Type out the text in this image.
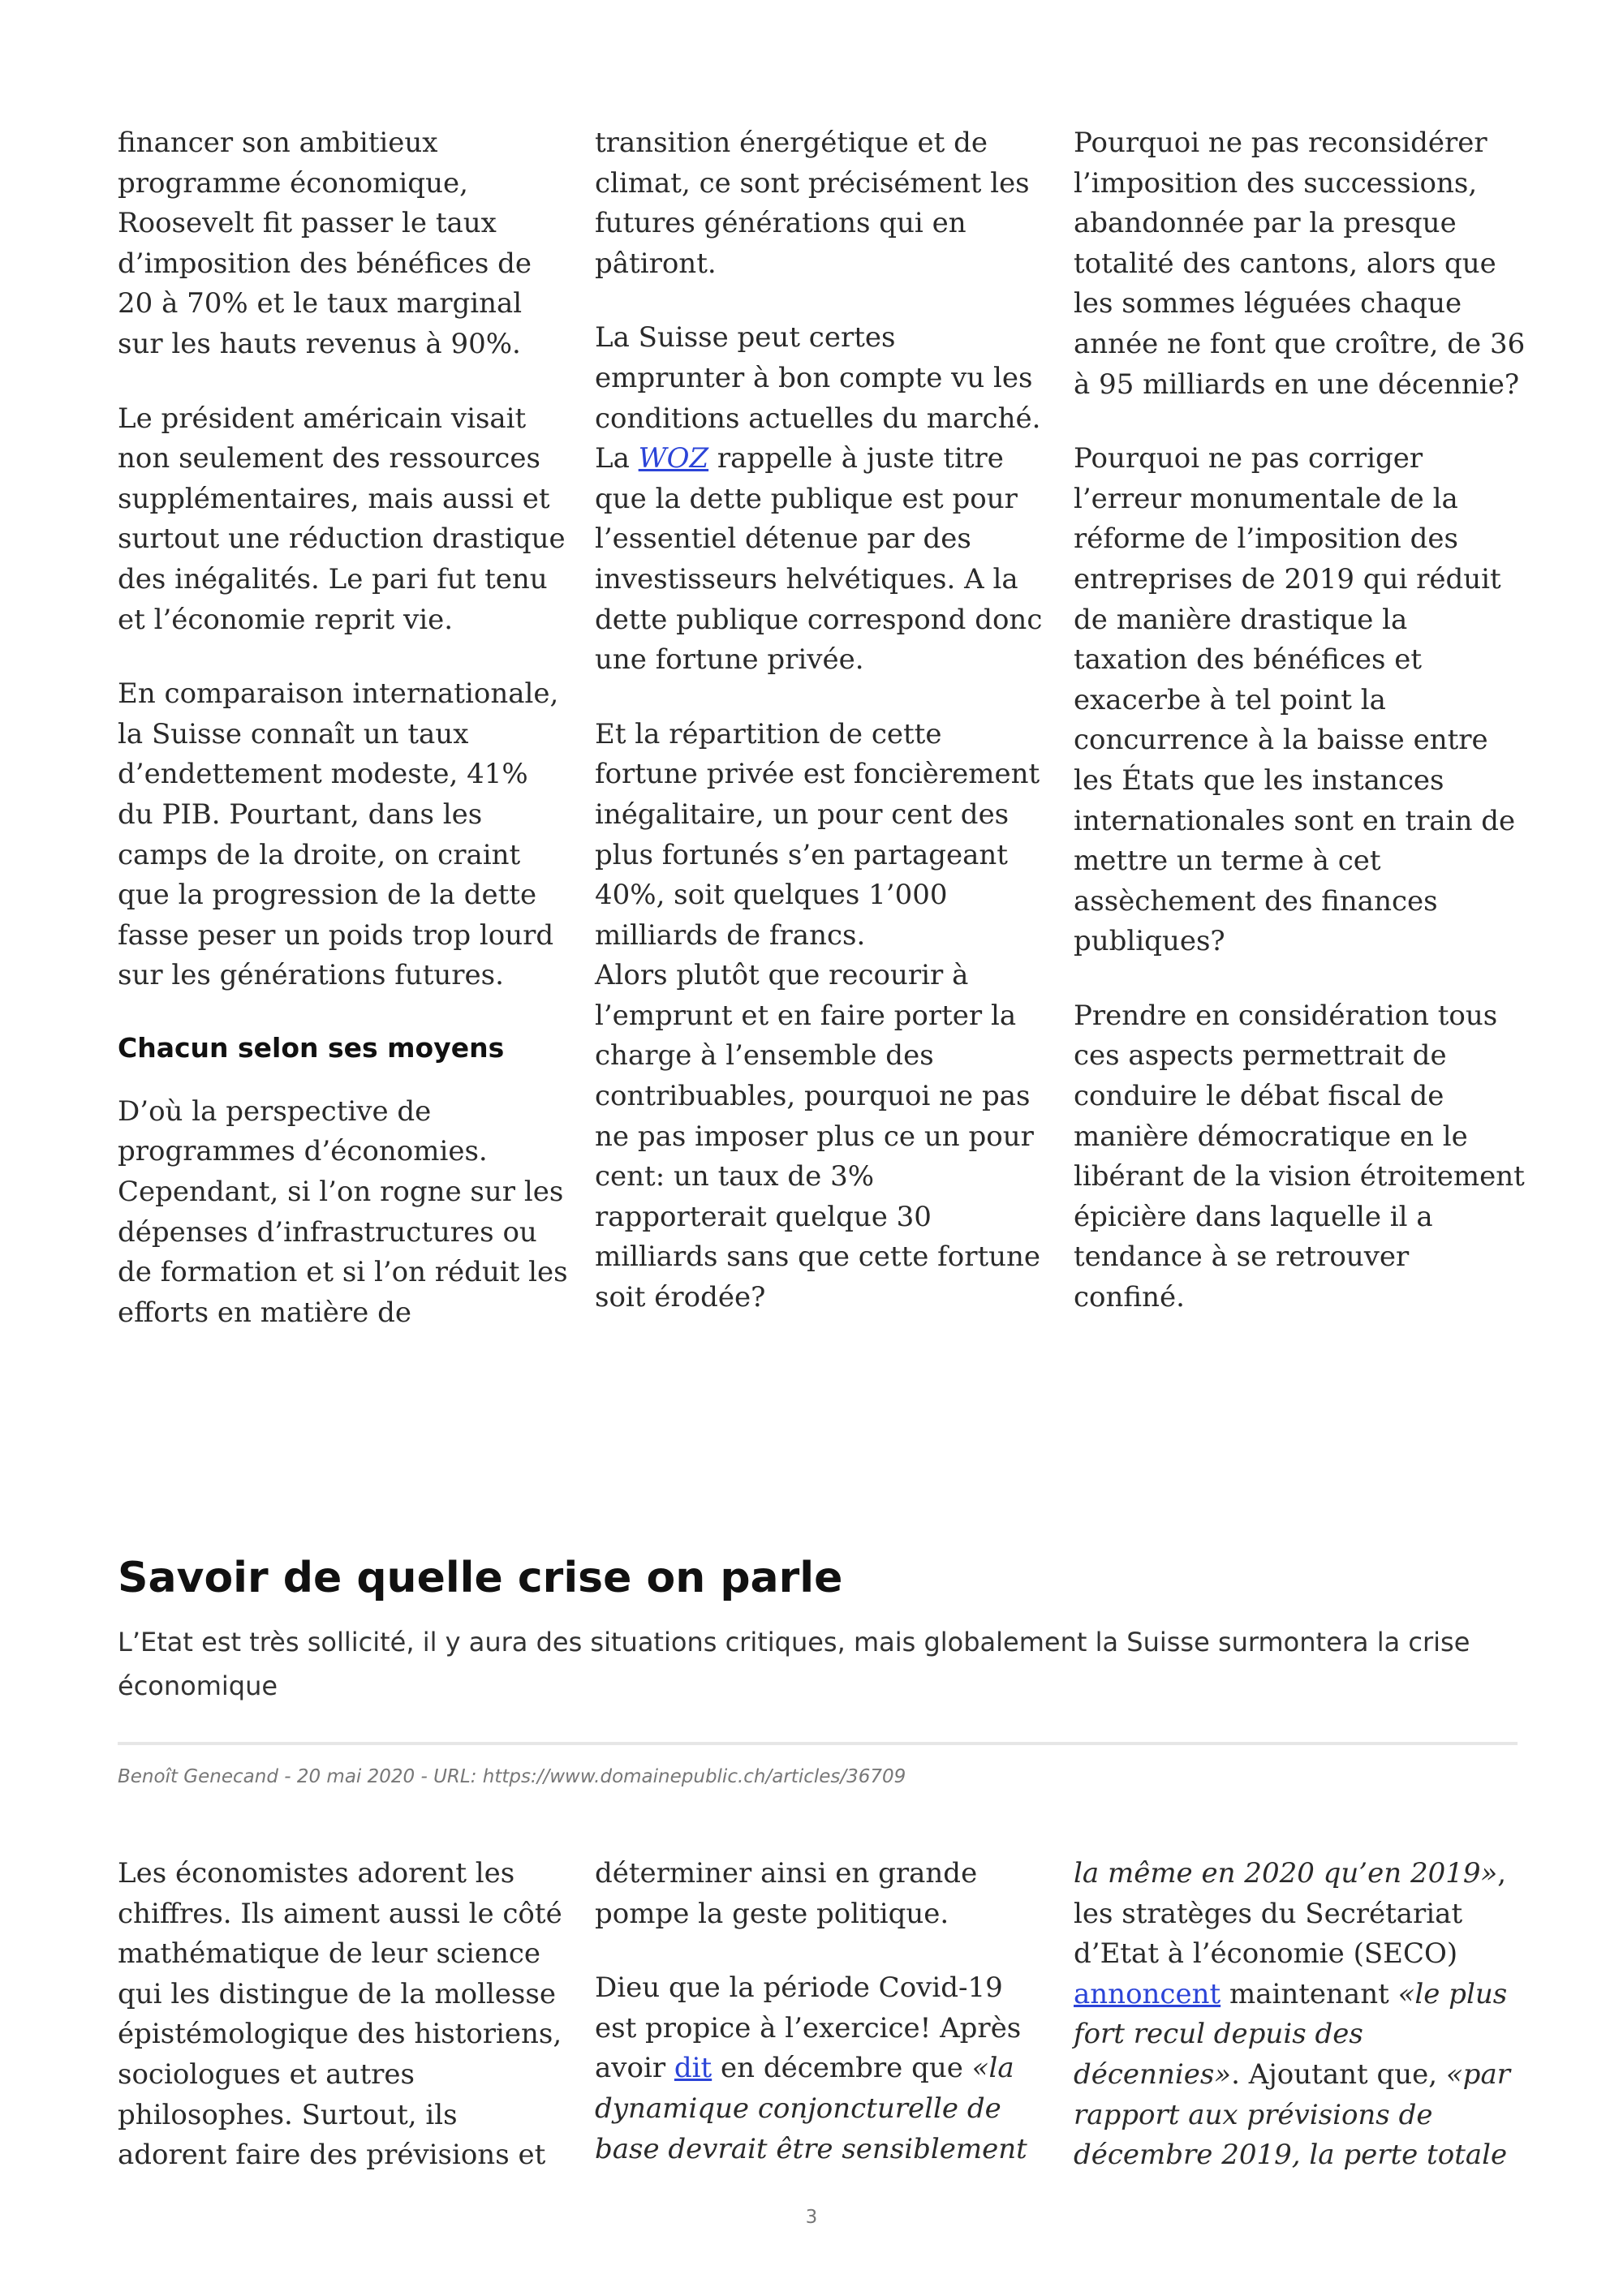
financer son ambitieux programme économique, Roosevelt fit passer le taux d’imposition des bénéfices de 20 à 70% et le taux marginal sur les hauts revenus à 90%.

Le président américain visait non seulement des ressources supplémentaires, mais aussi et surtout une réduction drastique des inégalités. Le pari fut tenu et l’économie reprit vie.

En comparaison internationale, la Suisse connaît un taux d’endettement modeste, 41% du PIB. Pourtant, dans les camps de la droite, on craint que la progression de la dette fasse peser un poids trop lourd sur les générations futures.

Chacun selon ses moyens

D’où la perspective de programmes d’économies. Cependant, si l’on rogne sur les dépenses d’infrastructures ou de formation et si l’on réduit les efforts en matière de

transition énergétique et de climat, ce sont précisément les futures générations qui en pâtiront.

La Suisse peut certes emprunter à bon compte vu les conditions actuelles du marché. La WOZ rappelle à juste titre que la dette publique est pour l’essentiel détenue par des investisseurs helvétiques. A la dette publique correspond donc une fortune privée.

Et la répartition de cette fortune privée est foncièrement inégalitaire, un pour cent des plus fortunés s’en partageant 40%, soit quelques 1’000 milliards de francs.

Alors plutôt que recourir à l’emprunt et en faire porter la charge à l’ensemble des contribuables, pourquoi ne pas ne pas imposer plus ce un pour cent: un taux de 3% rapporterait quelque 30 milliards sans que cette fortune soit érodée?

Pourquoi ne pas reconsidérer l’imposition des successions, abandonnée par la presque totalité des cantons, alors que les sommes léguées chaque année ne font que croître, de 36 à 95 milliards en une décennie?

Pourquoi ne pas corriger l’erreur monumentale de la réforme de l’imposition des entreprises de 2019 qui réduit de manière drastique la taxation des bénéfices et exacerbe à tel point la concurrence à la baisse entre les États que les instances internationales sont en train de mettre un terme à cet assèchement des finances publiques?

Prendre en considération tous ces aspects permettrait de conduire le débat fiscal de manière démocratique en le libérant de la vision étroitement épicière dans laquelle il a tendance à se retrouver confiné.

Savoir de quelle crise on parle

L’Etat est très sollicité, il y aura des situations critiques, mais globalement la Suisse surmontera la crise économique

Benoît Genecand - 20 mai 2020 - URL: https://www.domainepublic.ch/articles/36709

Les économistes adorent les chiffres. Ils aiment aussi le côté mathématique de leur science qui les distingue de la mollesse épistémologique des historiens, sociologues et autres philosophes. Surtout, ils adorent faire des prévisions et

déterminer ainsi en grande pompe la geste politique.

Dieu que la période Covid-19 est propice à l’exercice! Après avoir dit en décembre que «la dynamique conjoncturelle de base devrait être sensiblement

la même en 2020 qu’en 2019», les stratèges du Secrétariat d’Etat à l’économie (SECO) annoncent maintenant «le plus fort recul depuis des décennies». Ajoutant que, «par rapport aux prévisions de décembre 2019, la perte totale

3
